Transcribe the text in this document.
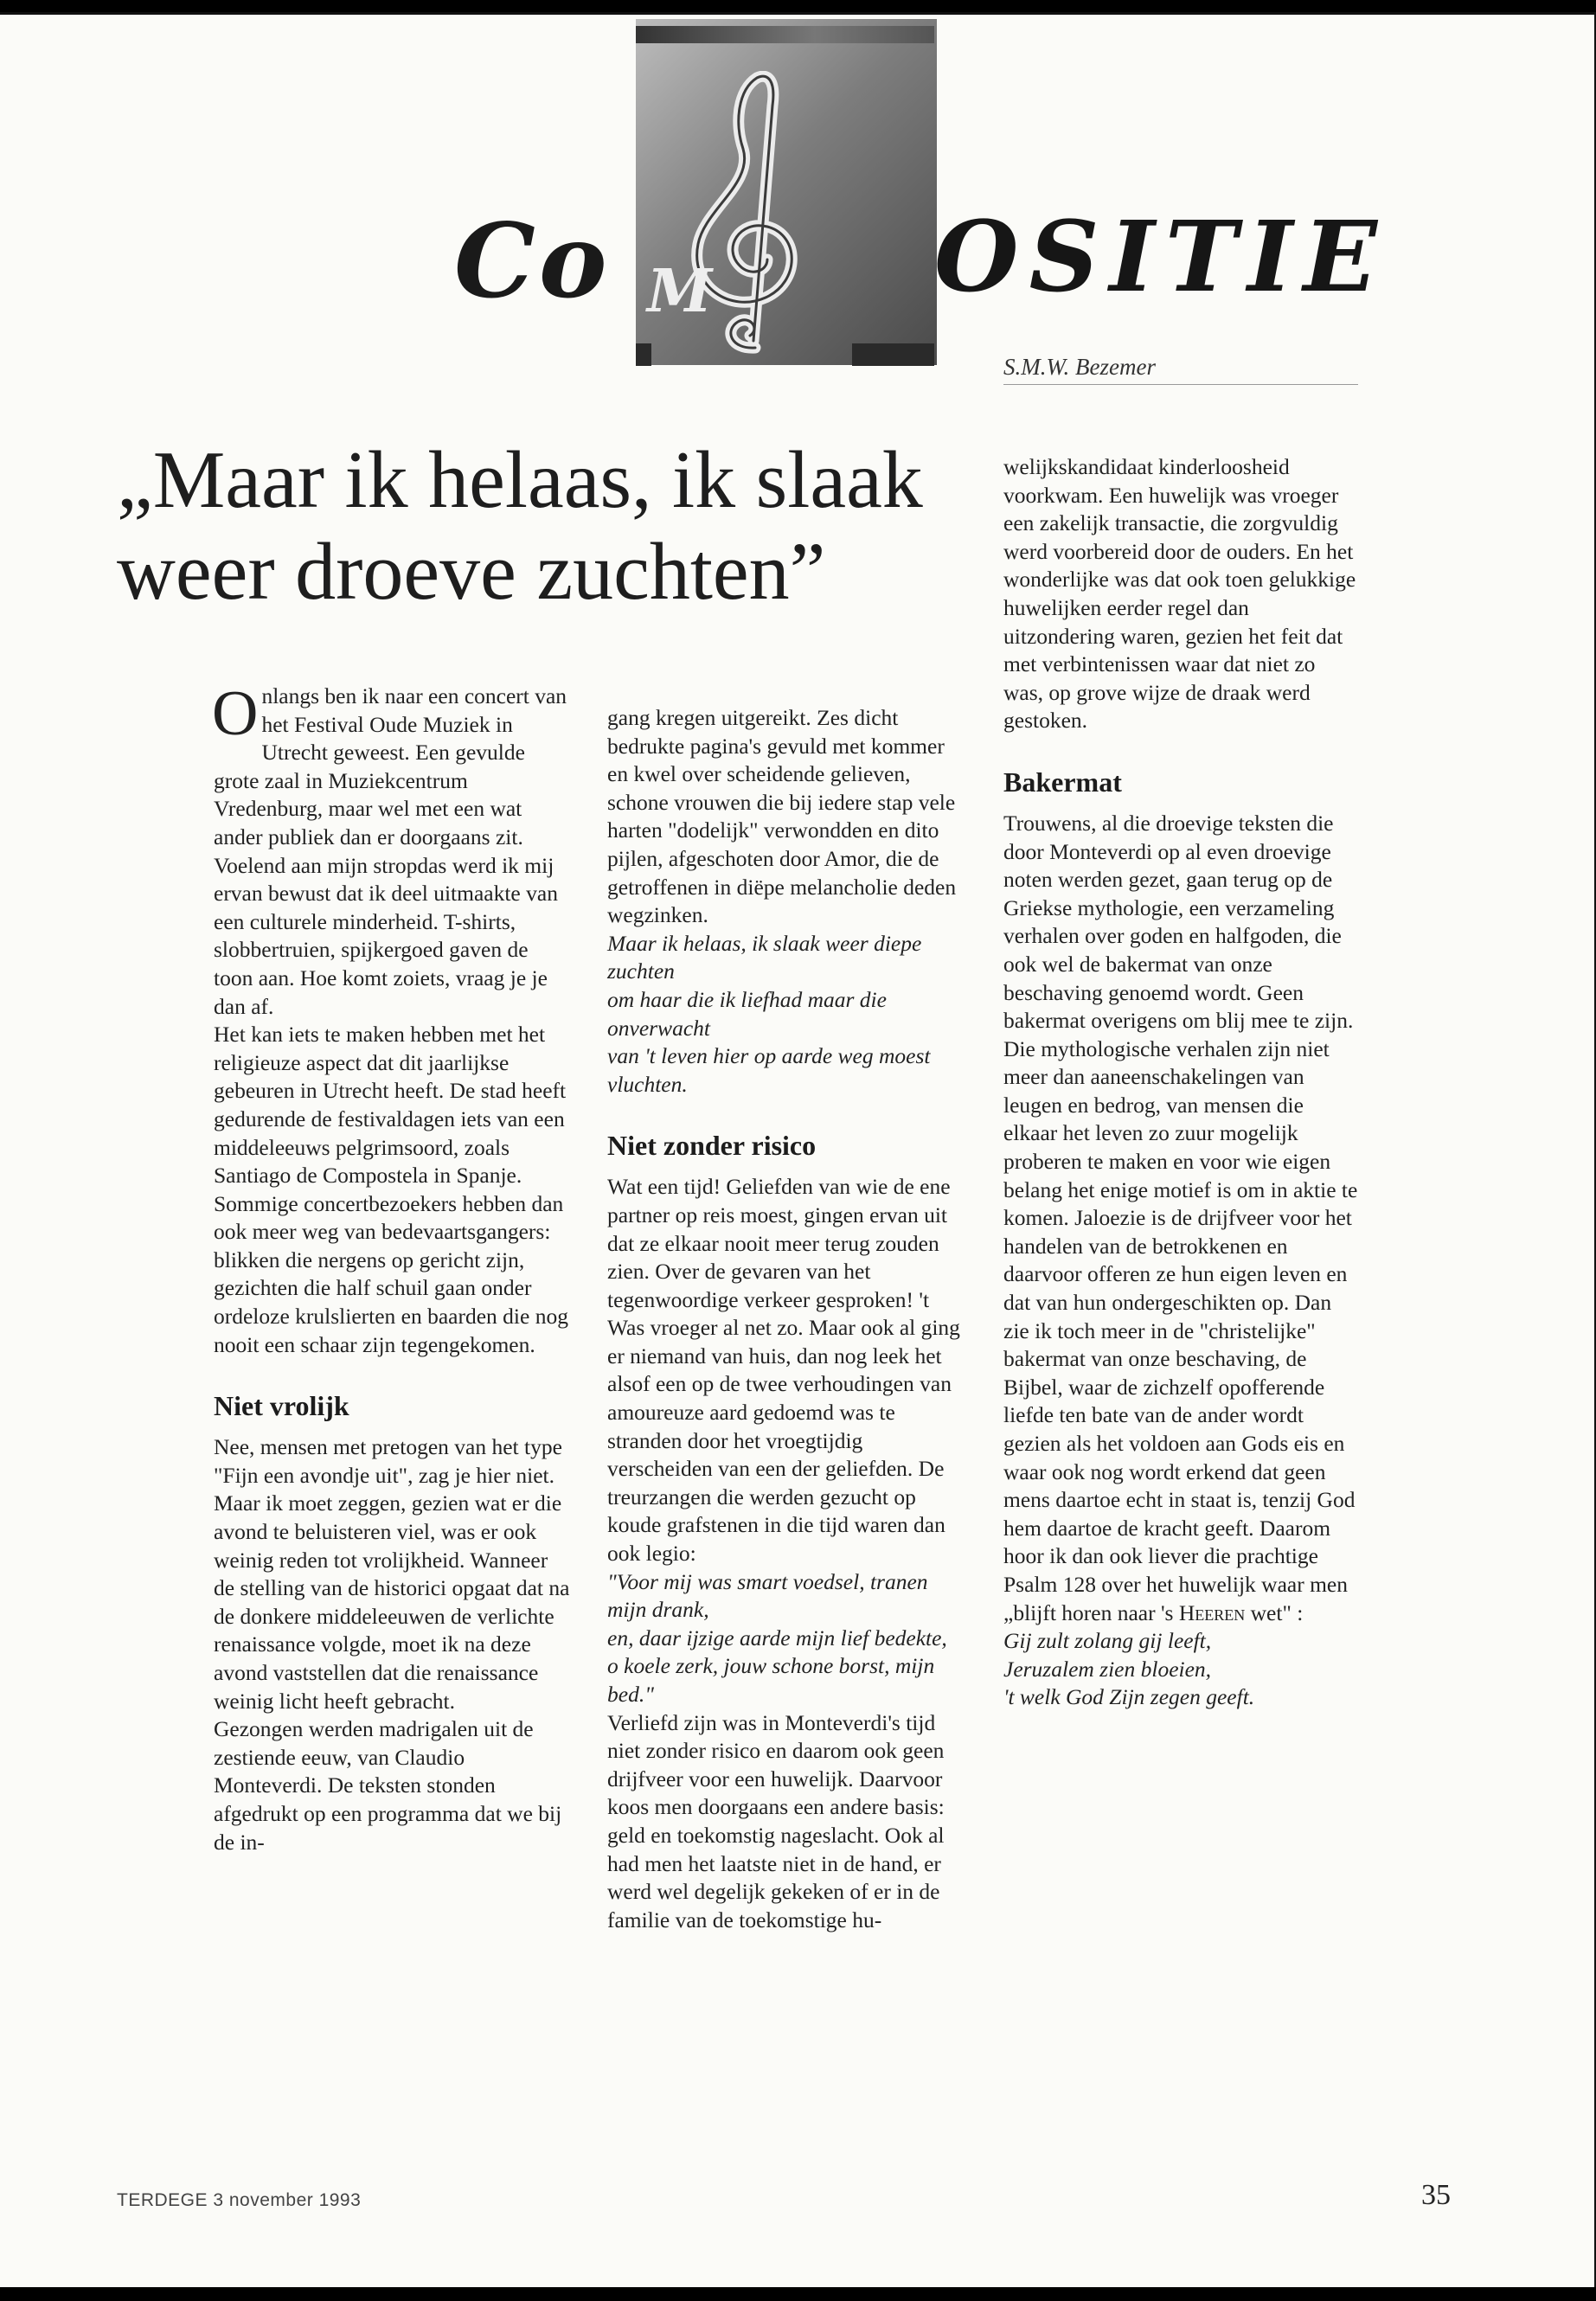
Co M OSITIE
S.M.W. Bezemer
„Maar ik helaas, ik slaak weer droeve zuchten”

Onlangs ben ik naar een concert van het Festival Oude Muziek in Utrecht geweest. Een gevulde grote zaal in Muziekcentrum Vredenburg, maar wel met een wat ander publiek dan er doorgaans zit. Voelend aan mijn stropdas werd ik mij ervan bewust dat ik deel uitmaakte van een culturele minderheid. T-shirts, slobbertruien, spijkergoed gaven de toon aan. Hoe komt zoiets, vraag je je dan af.

Het kan iets te maken hebben met het religieuze aspect dat dit jaarlijkse gebeuren in Utrecht heeft. De stad heeft gedurende de festivaldagen iets van een middeleeuws pelgrimsoord, zoals Santiago de Compostela in Spanje. Sommige concertbezoekers hebben dan ook meer weg van bedevaartsgangers: blikken die nergens op gericht zijn, gezichten die half schuil gaan onder ordeloze krulslierten en baarden die nog nooit een schaar zijn tegengekomen.

Niet vrolijk

Nee, mensen met pretogen van het type "Fijn een avondje uit", zag je hier niet. Maar ik moet zeggen, gezien wat er die avond te beluisteren viel, was er ook weinig reden tot vrolijkheid. Wanneer de stelling van de historici opgaat dat na de donkere middeleeuwen de verlichte renaissance volgde, moet ik na deze avond vaststellen dat die renaissance weinig licht heeft gebracht.

Gezongen werden madrigalen uit de zestiende eeuw, van Claudio Monteverdi. De teksten stonden afgedrukt op een programma dat we bij de in-

gang kregen uitgereikt. Zes dicht bedrukte pagina's gevuld met kommer en kwel over scheidende gelieven, schone vrouwen die bij iedere stap vele harten "dodelijk" verwondden en dito pijlen, afgeschoten door Amor, die de getroffenen in diëpe melancholie deden wegzinken.

Maar ik helaas, ik slaak weer diepe zuchten

om haar die ik liefhad maar die onverwacht

van 't leven hier op aarde weg moest vluchten.

Niet zonder risico

Wat een tijd! Geliefden van wie de ene partner op reis moest, gingen ervan uit dat ze elkaar nooit meer terug zouden zien. Over de gevaren van het tegenwoordige verkeer gesproken! 't Was vroeger al net zo. Maar ook al ging er niemand van huis, dan nog leek het alsof een op de twee verhoudingen van amoureuze aard gedoemd was te stranden door het vroegtijdig verscheiden van een der geliefden. De treurzangen die werden gezucht op koude grafstenen in die tijd waren dan ook legio:

"Voor mij was smart voedsel, tranen mijn drank,

en, daar ijzige aarde mijn lief bedekte,

o koele zerk, jouw schone borst, mijn bed."

Verliefd zijn was in Monteverdi's tijd niet zonder risico en daarom ook geen drijfveer voor een huwelijk. Daarvoor koos men doorgaans een andere basis: geld en toekomstig nageslacht. Ook al had men het laatste niet in de hand, er werd wel degelijk gekeken of er in de familie van de toekomstige hu-

welijkskandidaat kinderloosheid voorkwam. Een huwelijk was vroeger een zakelijk transactie, die zorgvuldig werd voorbereid door de ouders. En het wonderlijke was dat ook toen gelukkige huwelijken eerder regel dan uitzondering waren, gezien het feit dat met verbintenissen waar dat niet zo was, op grove wijze de draak werd gestoken.

Bakermat

Trouwens, al die droevige teksten die door Monteverdi op al even droevige noten werden gezet, gaan terug op de Griekse mythologie, een verzameling verhalen over goden en halfgoden, die ook wel de bakermat van onze beschaving genoemd wordt. Geen bakermat overigens om blij mee te zijn. Die mythologische verhalen zijn niet meer dan aaneenschakelingen van leugen en bedrog, van mensen die elkaar het leven zo zuur mogelijk proberen te maken en voor wie eigen belang het enige motief is om in aktie te komen. Jaloezie is de drijfveer voor het handelen van de betrokkenen en daarvoor offeren ze hun eigen leven en dat van hun ondergeschikten op. Dan zie ik toch meer in de "christelijke" bakermat van onze beschaving, de Bijbel, waar de zichzelf opofferende liefde ten bate van de ander wordt gezien als het voldoen aan Gods eis en waar ook nog wordt erkend dat geen mens daartoe echt in staat is, tenzij God hem daartoe de kracht geeft. Daarom hoor ik dan ook liever die prachtige Psalm 128 over het huwelijk waar men „blijft horen naar 's Heeren wet" :

Gij zult zolang gij leeft,

Jeruzalem zien bloeien,

't welk God Zijn zegen geeft.

TERDEGE 3 november 1993	35
